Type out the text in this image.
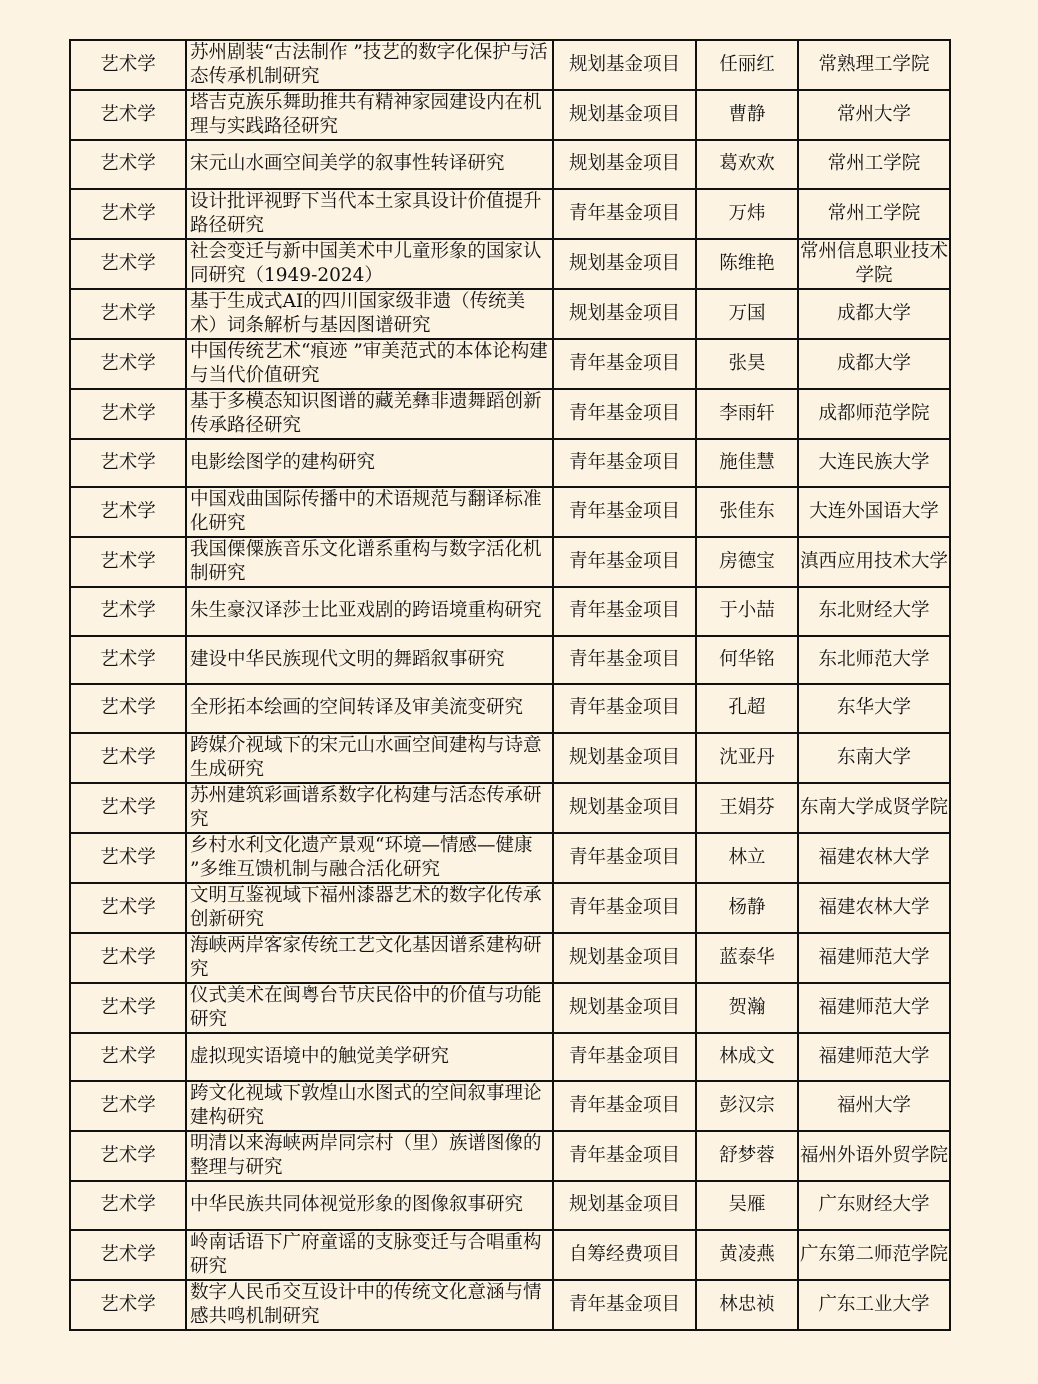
艺术学	苏州剧装“古法制作 ”技艺的数字化保护与活态传承机制研究	规划基金项目	任丽红	常熟理工学院
艺术学	塔吉克族乐舞助推共有精神家园建设内在机理与实践路径研究	规划基金项目	曹静	常州大学
艺术学	宋元山水画空间美学的叙事性转译研究	规划基金项目	葛欢欢	常州工学院
艺术学	设计批评视野下当代本土家具设计价值提升路径研究	青年基金项目	万炜	常州工学院
艺术学	社会变迁与新中国美术中儿童形象的国家认同研究（1949-2024）	规划基金项目	陈维艳	常州信息职业技术学院
艺术学	基于生成式AI的四川国家级非遗（传统美术）词条解析与基因图谱研究	规划基金项目	万国	成都大学
艺术学	中国传统艺术“痕迹 ”审美范式的本体论构建与当代价值研究	青年基金项目	张昊	成都大学
艺术学	基于多模态知识图谱的藏羌彝非遗舞蹈创新传承路径研究	青年基金项目	李雨轩	成都师范学院
艺术学	电影绘图学的建构研究	青年基金项目	施佳慧	大连民族大学
艺术学	中国戏曲国际传播中的术语规范与翻译标准化研究	青年基金项目	张佳东	大连外国语大学
艺术学	我国傈僳族音乐文化谱系重构与数字活化机制研究	青年基金项目	房德宝	滇西应用技术大学
艺术学	朱生豪汉译莎士比亚戏剧的跨语境重构研究	青年基金项目	于小喆	东北财经大学
艺术学	建设中华民族现代文明的舞蹈叙事研究	青年基金项目	何华铭	东北师范大学
艺术学	全形拓本绘画的空间转译及审美流变研究	青年基金项目	孔超	东华大学
艺术学	跨媒介视域下的宋元山水画空间建构与诗意生成研究	规划基金项目	沈亚丹	东南大学
艺术学	苏州建筑彩画谱系数字化构建与活态传承研究	规划基金项目	王娟芬	东南大学成贤学院
艺术学	乡村水利文化遗产景观“环境—情感—健康 ”多维互馈机制与融合活化研究	青年基金项目	林立	福建农林大学
艺术学	文明互鉴视域下福州漆器艺术的数字化传承创新研究	青年基金项目	杨静	福建农林大学
艺术学	海峡两岸客家传统工艺文化基因谱系建构研究	规划基金项目	蓝泰华	福建师范大学
艺术学	仪式美术在闽粤台节庆民俗中的价值与功能研究	规划基金项目	贺瀚	福建师范大学
艺术学	虚拟现实语境中的触觉美学研究	青年基金项目	林成文	福建师范大学
艺术学	跨文化视域下敦煌山水图式的空间叙事理论建构研究	青年基金项目	彭汉宗	福州大学
艺术学	明清以来海峡两岸同宗村（里）族谱图像的整理与研究	青年基金项目	舒梦蓉	福州外语外贸学院
艺术学	中华民族共同体视觉形象的图像叙事研究	规划基金项目	吴雁	广东财经大学
艺术学	岭南话语下广府童谣的支脉变迁与合唱重构研究	自筹经费项目	黄凌燕	广东第二师范学院
艺术学	数字人民币交互设计中的传统文化意涵与情感共鸣机制研究	青年基金项目	林忠祯	广东工业大学
